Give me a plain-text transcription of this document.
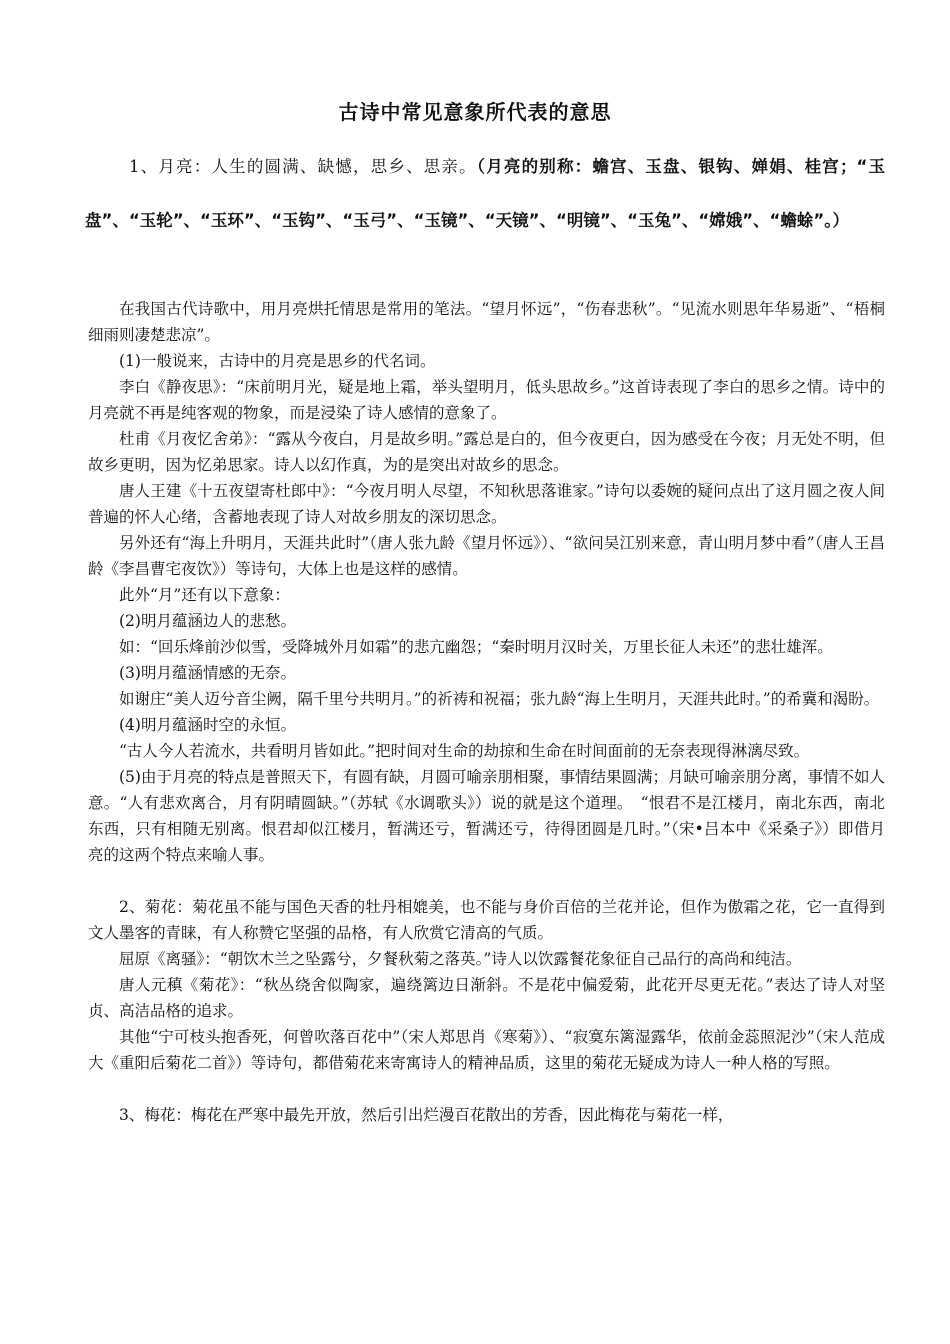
古诗中常见意象所代表的意思
1、月亮：人生的圆满、缺憾，思乡、思亲。（月亮的别称：蟾宫、玉盘、银钩、婵娟、桂宫；“玉盘”、“玉轮”、“玉环”、“玉钩”、“玉弓”、“玉镜”、“天镜”、“明镜”、“玉兔”、“嫦娥”、“蟾蜍”。）

在我国古代诗歌中，用月亮烘托情思是常用的笔法。“望月怀远”，“伤春悲秋”。“见流水则思年华易逝”、“梧桐细雨则凄楚悲凉”。

(1)一般说来，古诗中的月亮是思乡的代名词。

李白《静夜思》：“床前明月光，疑是地上霜，举头望明月，低头思故乡。”这首诗表现了李白的思乡之情。诗中的月亮就不再是纯客观的物象，而是浸染了诗人感情的意象了。

杜甫《月夜忆舍弟》：“露从今夜白，月是故乡明。”露总是白的，但今夜更白，因为感受在今夜；月无处不明，但故乡更明，因为忆弟思家。诗人以幻作真，为的是突出对故乡的思念。

唐人王建《十五夜望寄杜郎中》：“今夜月明人尽望，不知秋思落谁家。”诗句以委婉的疑问点出了这月圆之夜人间普遍的怀人心绪，含蓄地表现了诗人对故乡朋友的深切思念。

另外还有“海上升明月，天涯共此时”（唐人张九龄《望月怀远》）、“欲问吴江别来意，青山明月梦中看”（唐人王昌龄《李昌曹宅夜饮》）等诗句，大体上也是这样的感情。

此外“月”还有以下意象：

(2)明月蕴涵边人的悲愁。

如：“回乐烽前沙似雪，受降城外月如霜”的悲亢幽怨；“秦时明月汉时关，万里长征人未还”的悲壮雄浑。

(3)明月蕴涵情感的无奈。

如谢庄“美人迈兮音尘阙，隔千里兮共明月。”的祈祷和祝福；张九龄“海上生明月，天涯共此时。”的希冀和渴盼。

(4)明月蕴涵时空的永恒。

“古人今人若流水，共看明月皆如此。”把时间对生命的劫掠和生命在时间面前的无奈表现得淋漓尽致。

(5)由于月亮的特点是普照天下，有圆有缺，月圆可喻亲朋相聚，事情结果圆满；月缺可喻亲朋分离，事情不如人意。“人有悲欢离合，月有阴晴圆缺。”（苏轼《水调歌头》）说的就是这个道理。　“恨君不是江楼月，南北东西，南北东西，只有相随无别离。恨君却似江楼月，暂满还亏，暂满还亏，待得团圆是几时。”（宋•吕本中《采桑子》）即借月亮的这两个特点来喻人事。

2、菊花：菊花虽不能与国色天香的牡丹相媲美，也不能与身价百倍的兰花并论，但作为傲霜之花，它一直得到文人墨客的青睐，有人称赞它坚强的品格，有人欣赏它清高的气质。

屈原《离骚》：“朝饮木兰之坠露兮，夕餐秋菊之落英。”诗人以饮露餐花象征自己品行的高尚和纯洁。

唐人元稹《菊花》：“秋丛绕舍似陶家，遍绕篱边日渐斜。不是花中偏爱菊，此花开尽更无花。”表达了诗人对坚贞、高洁品格的追求。

其他“宁可枝头抱香死，何曾吹落百花中”（宋人郑思肖《寒菊》）、“寂寞东篱湿露华，依前金蕊照泥沙”（宋人范成大《重阳后菊花二首》）等诗句，都借菊花来寄寓诗人的精神品质，这里的菊花无疑成为诗人一种人格的写照。

3、梅花：梅花在严寒中最先开放，然后引出烂漫百花散出的芳香，因此梅花与菊花一样，
